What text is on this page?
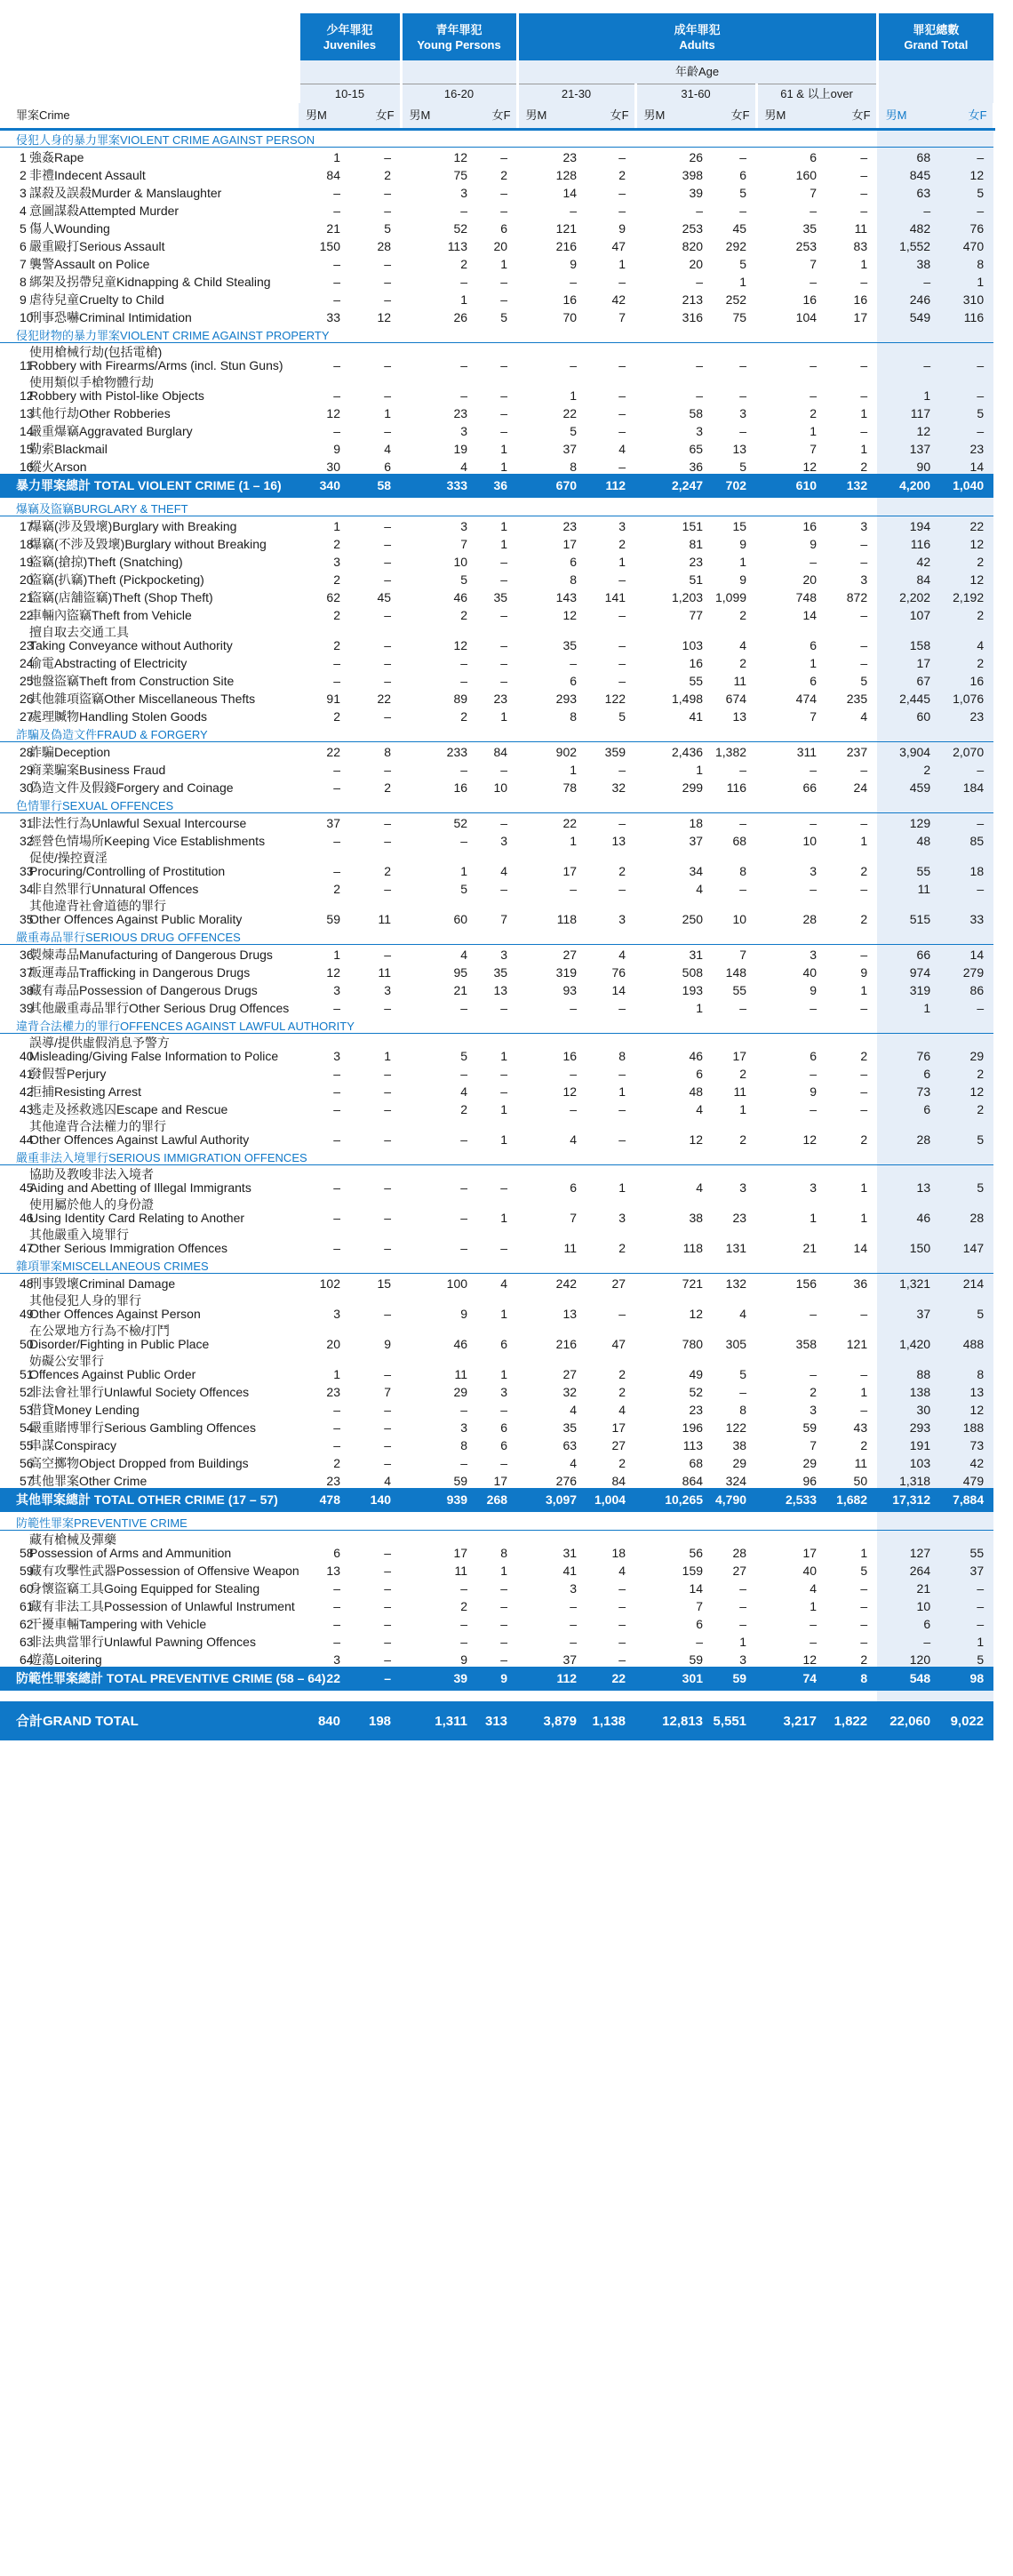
		少年罪犯
Juveniles		青年罪犯
Young Persons		成年罪犯
Adults						罪犯總數
Grand Total	

						年齡Age							
		10-15		16-20		21-30		31-60		61 & 以上over			
罪案Crime		男M	女F	男M	女F	男M	女F	男M	女F	男M	女F	男M	女F
侵犯人身的暴力罪案VIOLENT CRIME AGAINST PERSON													
1	強姦Rape	1	–	12	–	23	–	26	–	6	–	68	–
2	非禮Indecent Assault	84	2	75	2	128	2	398	6	160	–	845	12
3	謀殺及誤殺Murder & Manslaughter	–	–	3	–	14	–	39	5	7	–	63	5
4	意圖謀殺Attempted Murder	–	–	–	–	–	–	–	–	–	–	–	–
5	傷人Wounding	21	5	52	6	121	9	253	45	35	11	482	76
6	嚴重毆打Serious Assault	150	28	113	20	216	47	820	292	253	83	1,552	470
7	襲警Assault on Police	–	–	2	1	9	1	20	5	7	1	38	8
8	綁架及拐帶兒童Kidnapping & Child Stealing	–	–	–	–	–	–	–	1	–	–	–	1
9	虐待兒童Cruelty to Child	–	–	1	–	16	42	213	252	16	16	246	310
10	刑事恐嚇Criminal Intimidation	33	12	26	5	70	7	316	75	104	17	549	116
侵犯財物的暴力罪案VIOLENT CRIME AGAINST PROPERTY													
11	使用槍械行劫(包括電槍)
Robbery with Firearms/Arms (incl. Stun Guns)	–	–	–	–	–	–	–	–	–	–	–	–
12	使用類似手槍物體行劫
Robbery with Pistol-like Objects	–	–	–	–	1	–	–	–	–	–	1	–
13	其他行劫Other Robberies	12	1	23	–	22	–	58	3	2	1	117	5
14	嚴重爆竊Aggravated Burglary	–	–	3	–	5	–	3	–	1	–	12	–
15	勒索Blackmail	9	4	19	1	37	4	65	13	7	1	137	23
16	縱火Arson	30	6	4	1	8	–	36	5	12	2	90	14
暴力罪案總計 TOTAL VIOLENT CRIME (1 – 16)		340	58	333	36	670	112	2,247	702	610	132	4,200	1,040
爆竊及盜竊BURGLARY & THEFT													
17	爆竊(涉及毀壞)Burglary with Breaking	1	–	3	1	23	3	151	15	16	3	194	22
18	爆竊(不涉及毀壞)Burglary without Breaking	2	–	7	1	17	2	81	9	9	–	116	12
19	盜竊(搶掠)Theft (Snatching)	3	–	10	–	6	1	23	1	–	–	42	2
20	盜竊(扒竊)Theft (Pickpocketing)	2	–	5	–	8	–	51	9	20	3	84	12
21	盜竊(店舖盜竊)Theft (Shop Theft)	62	45	46	35	143	141	1,203	1,099	748	872	2,202	2,192
22	車輛內盜竊Theft from Vehicle	2	–	2	–	12	–	77	2	14	–	107	2
23	擅自取去交通工具
Taking Conveyance without Authority	2	–	12	–	35	–	103	4	6	–	158	4
24	偷電Abstracting of Electricity	–	–	–	–	–	–	16	2	1	–	17	2
25	地盤盜竊Theft from Construction Site	–	–	–	–	6	–	55	11	6	5	67	16
26	其他雜項盜竊Other Miscellaneous Thefts	91	22	89	23	293	122	1,498	674	474	235	2,445	1,076
27	處理贓物Handling Stolen Goods	2	–	2	1	8	5	41	13	7	4	60	23
詐騙及偽造文件FRAUD & FORGERY													
28	詐騙Deception	22	8	233	84	902	359	2,436	1,382	311	237	3,904	2,070
29	商業騙案Business Fraud	–	–	–	–	1	–	1	–	–	–	2	–
30	偽造文件及假錢Forgery and Coinage	–	2	16	10	78	32	299	116	66	24	459	184
色情罪行SEXUAL OFFENCES													
31	非法性行為Unlawful Sexual Intercourse	37	–	52	–	22	–	18	–	–	–	129	–
32	經營色情場所Keeping Vice Establishments	–	–	–	3	1	13	37	68	10	1	48	85
33	促使/操控賣淫
Procuring/Controlling of Prostitution	–	2	1	4	17	2	34	8	3	2	55	18
34	非自然罪行Unnatural Offences	2	–	5	–	–	–	4	–	–	–	11	–
35	其他違背社會道德的罪行
Other Offences Against Public Morality	59	11	60	7	118	3	250	10	28	2	515	33
嚴重毒品罪行SERIOUS DRUG OFFENCES													
36	製煉毒品Manufacturing of Dangerous Drugs	1	–	4	3	27	4	31	7	3	–	66	14
37	販運毒品Trafficking in Dangerous Drugs	12	11	95	35	319	76	508	148	40	9	974	279
38	藏有毒品Possession of Dangerous Drugs	3	3	21	13	93	14	193	55	9	1	319	86
39	其他嚴重毒品罪行Other Serious Drug Offences	–	–	–	–	–	–	1	–	–	–	1	–
違背合法權力的罪行OFFENCES AGAINST LAWFUL AUTHORITY													
40	誤導/提供虛假消息予警方
Misleading/Giving False Information to Police	3	1	5	1	16	8	46	17	6	2	76	29
41	發假誓Perjury	–	–	–	–	–	–	6	2	–	–	6	2
42	拒捕Resisting Arrest	–	–	4	–	12	1	48	11	9	–	73	12
43	逃走及拯救逃囚Escape and Rescue	–	–	2	1	–	–	4	1	–	–	6	2
44	其他違背合法權力的罪行
Other Offences Against Lawful Authority	–	–	–	1	4	–	12	2	12	2	28	5
嚴重非法入境罪行SERIOUS IMMIGRATION OFFENCES													
45	協助及教唆非法入境者
Aiding and Abetting of Illegal Immigrants	–	–	–	–	6	1	4	3	3	1	13	5
46	使用屬於他人的身份證
Using Identity Card Relating to Another	–	–	–	1	7	3	38	23	1	1	46	28
47	其他嚴重入境罪行
Other Serious Immigration Offences	–	–	–	–	11	2	118	131	21	14	150	147
雜項罪案MISCELLANEOUS CRIMES													
48	刑事毀壞Criminal Damage	102	15	100	4	242	27	721	132	156	36	1,321	214
49	其他侵犯人身的罪行
Other Offences Against Person	3	–	9	1	13	–	12	4	–	–	37	5
50	在公眾地方行為不檢/打鬥
Disorder/Fighting in Public Place	20	9	46	6	216	47	780	305	358	121	1,420	488
51	妨礙公安罪行
Offences Against Public Order	1	–	11	1	27	2	49	5	–	–	88	8
52	非法會社罪行Unlawful Society Offences	23	7	29	3	32	2	52	–	2	1	138	13
53	借貸Money Lending	–	–	–	–	4	4	23	8	3	–	30	12
54	嚴重賭博罪行Serious Gambling Offences	–	–	3	6	35	17	196	122	59	43	293	188
55	串謀Conspiracy	–	–	8	6	63	27	113	38	7	2	191	73
56	高空擲物Object Dropped from Buildings	2	–	–	–	4	2	68	29	29	11	103	42
57	其他罪案Other Crime	23	4	59	17	276	84	864	324	96	50	1,318	479
其他罪案總計 TOTAL OTHER CRIME (17 – 57)		478	140	939	268	3,097	1,004	10,265	4,790	2,533	1,682	17,312	7,884
防範性罪案PREVENTIVE CRIME													
58	藏有槍械及彈藥
Possession of Arms and Ammunition	6	–	17	8	31	18	56	28	17	1	127	55
59	藏有攻擊性武器Possession of Offensive Weapon	13	–	11	1	41	4	159	27	40	5	264	37
60	身懷盜竊工具Going Equipped for Stealing	–	–	–	–	3	–	14	–	4	–	21	–
61	藏有非法工具Possession of Unlawful Instrument	–	–	2	–	–	–	7	–	1	–	10	–
62	干擾車輛Tampering with Vehicle	–	–	–	–	–	–	6	–	–	–	6	–
63	非法典當罪行Unlawful Pawning Offences	–	–	–	–	–	–	–	1	–	–	–	1
64	遊蕩Loitering	3	–	9	–	37	–	59	3	12	2	120	5
防範性罪案總計 TOTAL PREVENTIVE CRIME (58 – 64)		22	–	39	9	112	22	301	59	74	8	548	98

合計GRAND TOTAL		840	198	1,311	313	3,879	1,138	12,813	5,551	3,217	1,822	22,060	9,022
